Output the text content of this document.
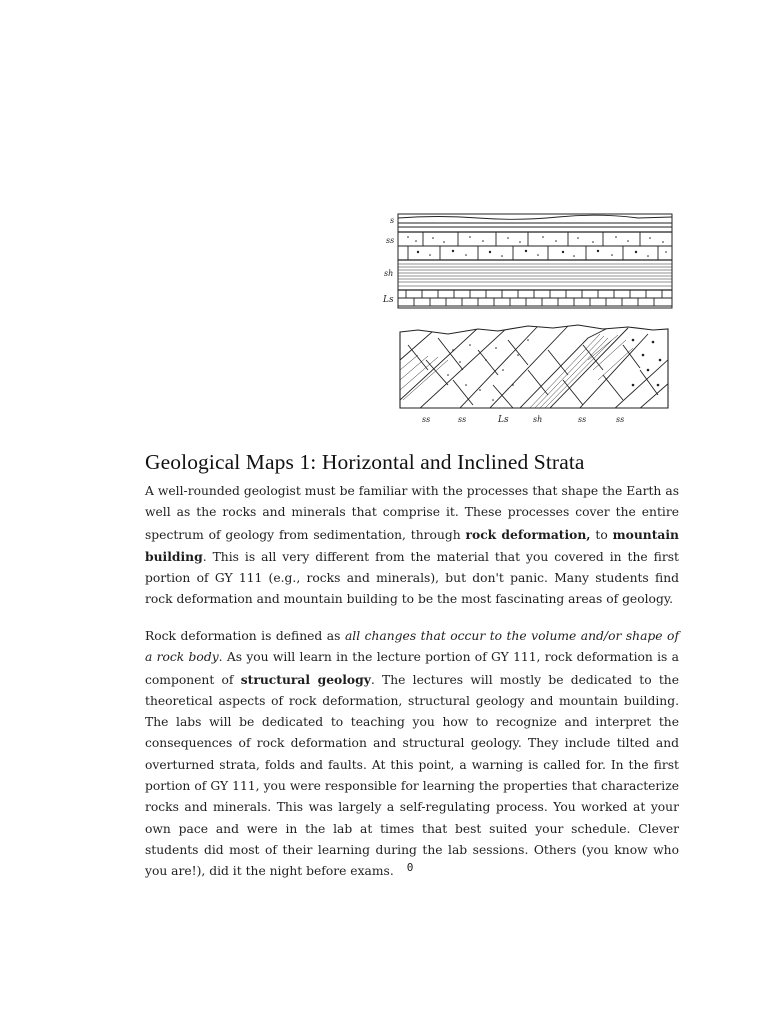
s
ss
sh
Ls
ss	ss	Ls	sh	ss	ss
Geological Maps 1: Horizontal and Inclined Strata

A well-rounded geologist must be familiar with the processes that shape the Earth as well as the rocks and minerals that comprise it. These processes cover the entire spectrum of geology from sedimentation, through rock deformation, to mountain building. This is all very different from the material that you covered in the first portion of GY 111 (e.g., rocks and minerals), but don't panic. Many students find rock deformation and mountain building to be the most fascinating areas of geology.

Rock deformation is defined as all changes that occur to the volume and/or shape of a rock body. As you will learn in the lecture portion of GY 111, rock deformation is a component of structural geology. The lectures will mostly be dedicated to the theoretical aspects of rock deformation, structural geology and mountain building. The labs will be dedicated to teaching you how to recognize and interpret the consequences of rock deformation and structural geology. They include tilted and overturned strata, folds and faults. At this point, a warning is called for. In the first portion of GY 111, you were responsible for learning the properties that characterize rocks and minerals. This was largely a self-regulating process. You worked at your own pace and were in the lab at times that best suited your schedule. Clever students did most of their learning during the lab sessions. Others (you know who you are!), did it the night before exams.	0
